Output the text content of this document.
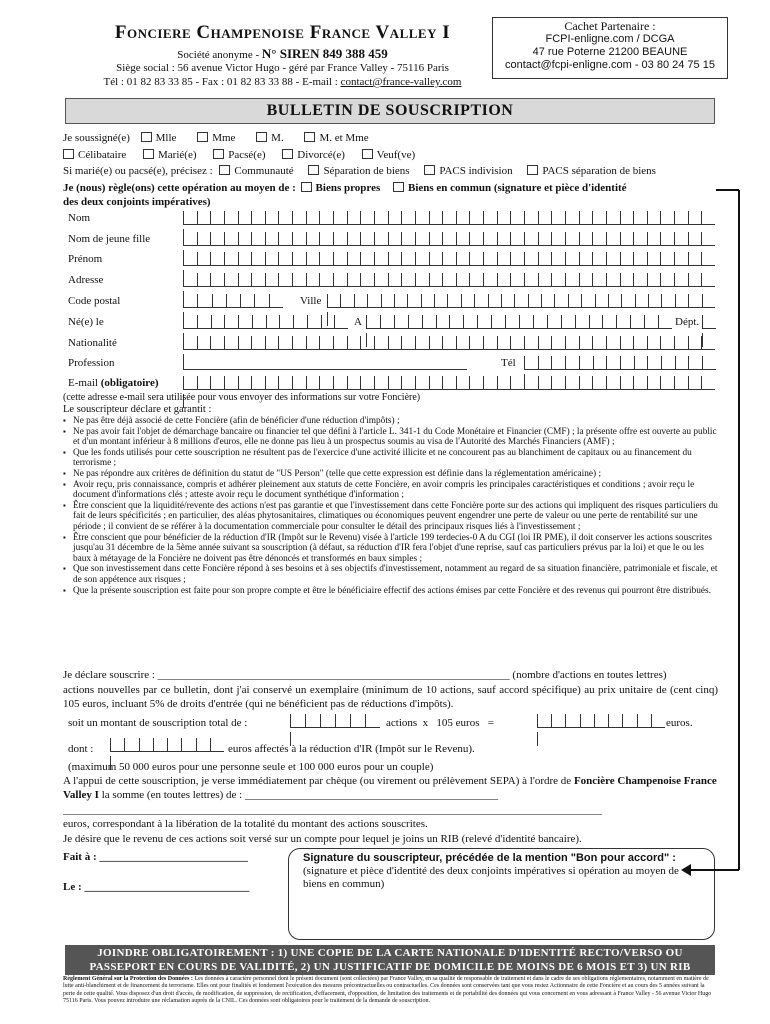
Fonciere Champenoise France Valley I
Société anonyme - N° SIREN 849 388 459
Siège social : 56 avenue Victor Hugo - géré par France Valley - 75116 Paris
Tél : 01 82 83 33 85 - Fax : 01 82 83 33 88 - E-mail : contact@france-valley.com
Cachet Partenaire :
FCPI-enligne.com / DCGA
47 rue Poterne 21200 BEAUNE
contact@fcpi-enligne.com - 03 80 24 75 15
BULLETIN DE SOUSCRIPTION
Je soussigné(e) Mlle	Mme	M.	M. et Mme
Célibataire	Marié(e)	Pacsé(e)	Divorcé(e)	Veuf(ve)
Si marié(e) ou pacsé(e), précisez : Communauté	Séparation de biens	PACS indivision	PACS séparation de biens
Je (nous) règle(ons) cette opération au moyen de : Biens propres	Biens en commun (signature et pièce d'identité
des deux conjoints impératives)
Nom
Nom de jeune fille
Prénom
Adresse
Code postal	Ville
Né(e) le	A	Dépt.
Nationalité
Profession	Tél
E-mail (obligatoire)
(cette adresse e-mail sera utilisée pour vous envoyer des informations sur votre Foncière)
Le souscripteur déclare et garantit :
▪ Ne pas être déjà associé de cette Foncière (afin de bénéficier d'une réduction d'impôts) ;
▪ Ne pas avoir fait l'objet de démarchage bancaire ou financier tel que défini à l'article L. 341-1 du Code Monétaire et Financier (CMF) ; la présente offre est ouverte au public et d'un montant inférieur à 8 millions d'euros, elle ne donne pas lieu à un prospectus soumis au visa de l'Autorité des Marchés Financiers (AMF) ;
▪ Que les fonds utilisés pour cette souscription ne résultent pas de l'exercice d'une activité illicite et ne concourent pas au blanchiment de capitaux ou au financement du terrorisme ;
▪ Ne pas répondre aux critères de définition du statut de "US Person" (telle que cette expression est définie dans la réglementation américaine) ;
▪ Avoir reçu, pris connaissance, compris et adhérer pleinement aux statuts de cette Foncière, en avoir compris les principales caractéristiques et conditions ; avoir reçu le document d'informations clés ; atteste avoir reçu le document synthétique d'information ;
▪ Être conscient que la liquidité/revente des actions n'est pas garantie et que l'investissement dans cette Foncière porte sur des actions qui impliquent des risques particuliers du fait de leurs spécificités ; en particulier, des aléas phytosanitaires, climatiques ou économiques peuvent engendrer une perte de valeur ou une perte de rentabilité sur une période ; il convient de se référer à la documentation commerciale pour consulter le détail des principaux risques liés à l'investissement ;
▪ Être conscient que pour bénéficier de la réduction d'IR (Impôt sur le Revenu) visée à l'article 199 terdecies-0 A du CGI (loi IR PME), il doit conserver les actions souscrites jusqu'au 31 décembre de la 5ème année suivant sa souscription (à défaut, sa réduction d'IR fera l'objet d'une reprise, sauf cas particuliers prévus par la loi) et que le ou les baux à métayage de la Foncière ne doivent pas être dénoncés et transformés en baux simples ;
▪ Que son investissement dans cette Foncière répond à ses besoins et à ses objectifs d'investissement, notamment au regard de sa situation financière, patrimoniale et fiscale, et de son appétence aux risques ;
▪ Que la présente souscription est faite pour son propre compte et être le bénéficiaire effectif des actions émises par cette Foncière et des revenus qui pourront être distribués.
Je déclare souscrire : ________________________________________________________________ (nombre d'actions en toutes lettres)
actions nouvelles par ce bulletin, dont j'ai conservé un exemplaire (minimum de 10 actions, sauf accord spécifique) au prix unitaire de (cent cinq) 105 euros, incluant 5% de droits d'entrée (qui ne bénéficient pas de réductions d'impôts).
soit un montant de souscription total de :	actions  x   105 euros   =	euros.
dont :	euros affectés à la réduction d'IR (Impôt sur le Revenu).
(maximum 50 000 euros pour une personne seule et 100 000 euros pour un couple)
A l'appui de cette souscription, je verse immédiatement par chèque (ou virement ou prélèvement SEPA) à l'ordre de Foncière Champenoise France Valley I la somme (en toutes lettres) de : ______________________________________________
__________________________________________________________________________________________________
euros, correspondant à la libération de la totalité du montant des actions souscrites.
Je désire que le revenu de ces actions soit versé sur un compte pour lequel je joins un RIB (relevé d'identité bancaire).
Fait à : ___________________________
Le : ______________________________
Signature du souscripteur, précédée de la mention "Bon pour accord" :
(signature et pièce d'identité des deux conjoints impératives si opération au moyen de biens en commun)
JOINDRE OBLIGATOIREMENT : 1) UNE COPIE DE LA CARTE NATIONALE D'IDENTITÉ RECTO/VERSO OU PASSEPORT EN COURS DE VALIDITÉ, 2) UN JUSTIFICATIF DE DOMICILE DE MOINS DE 6 MOIS ET 3) UN RIB
Règlement Général sur la Protection des Données : Les données à caractère personnel dont le présent document (sont collectées) par France Valley, en sa qualité de responsable de traitement et dans le cadre de ses obligations réglementaires, notamment en matière de lutte anti-blanchiment et de financement du terrorisme. Elles ont pour finalités et fondement l'exécution des mesures précontractuelles ou contractuelles. Ces données sont conservées tant que vous restez Actionnaire de cette Foncière et au cours des 5 années suivant la perte de cette qualité. Vous disposez d'un droit d'accès, de modification, de suppression, de rectification, d'effacement, d'opposition, de limitation des traitements et de portabilité des données qui vous concernent en vous adressant à France Valley - 56 avenue Victor Hugo 75116 Paris. Vous pouvez introduire une réclamation auprès de la CNIL. Ces données sont obligatoires pour le traitement de la demande de souscription.
